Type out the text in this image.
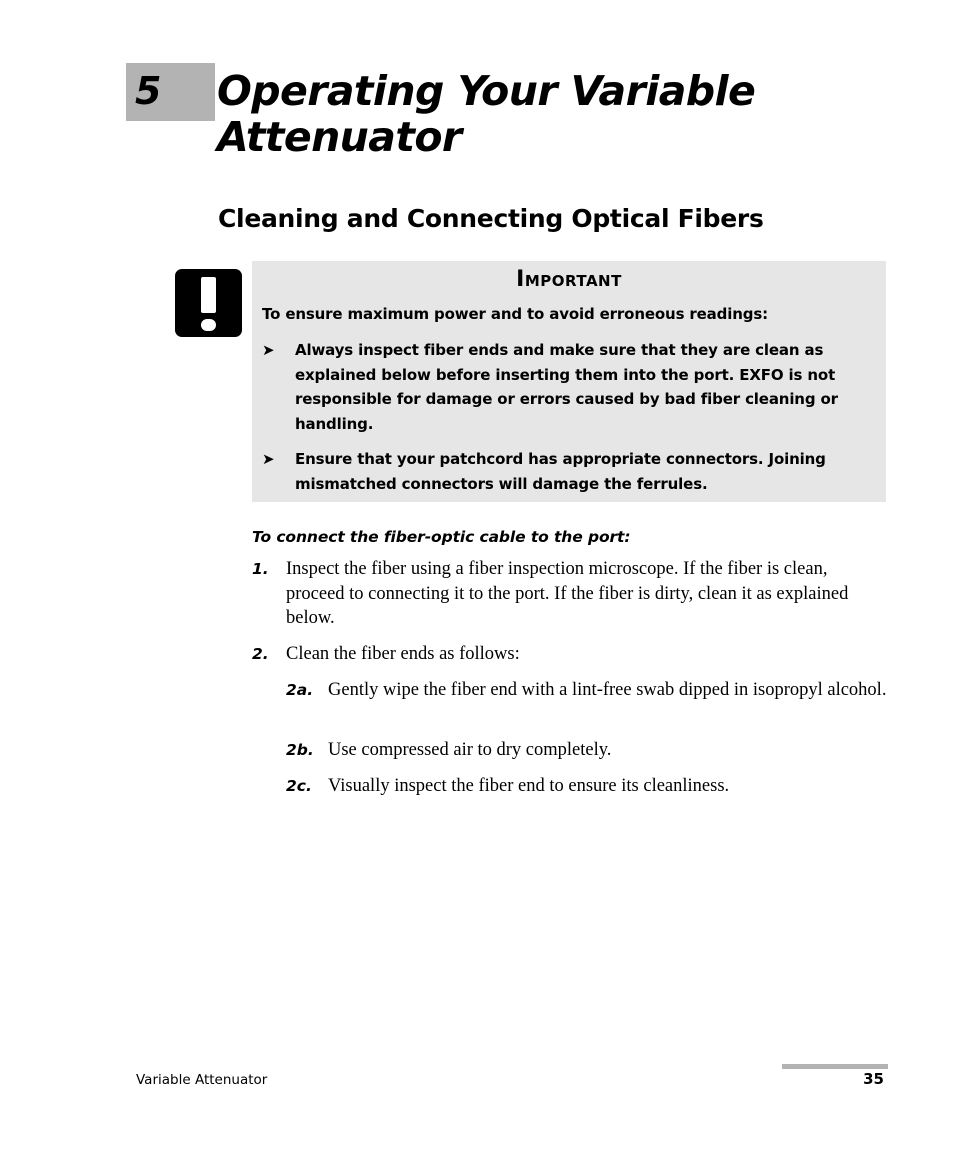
5 Operating Your Variable Attenuator
Cleaning and Connecting Optical Fibers
Important

To ensure maximum power and to avoid erroneous readings:

➤ Always inspect fiber ends and make sure that they are clean as explained below before inserting them into the port. EXFO is not responsible for damage or errors caused by bad fiber cleaning or handling.
➤ Ensure that your patchcord has appropriate connectors. Joining mismatched connectors will damage the ferrules.
To connect the fiber-optic cable to the port:
1. Inspect the fiber using a fiber inspection microscope. If the fiber is clean, proceed to connecting it to the port. If the fiber is dirty, clean it as explained below.
2. Clean the fiber ends as follows:
2a. Gently wipe the fiber end with a lint-free swab dipped in isopropyl alcohol.
2b. Use compressed air to dry completely.
2c. Visually inspect the fiber end to ensure its cleanliness.
Variable Attenuator	35
